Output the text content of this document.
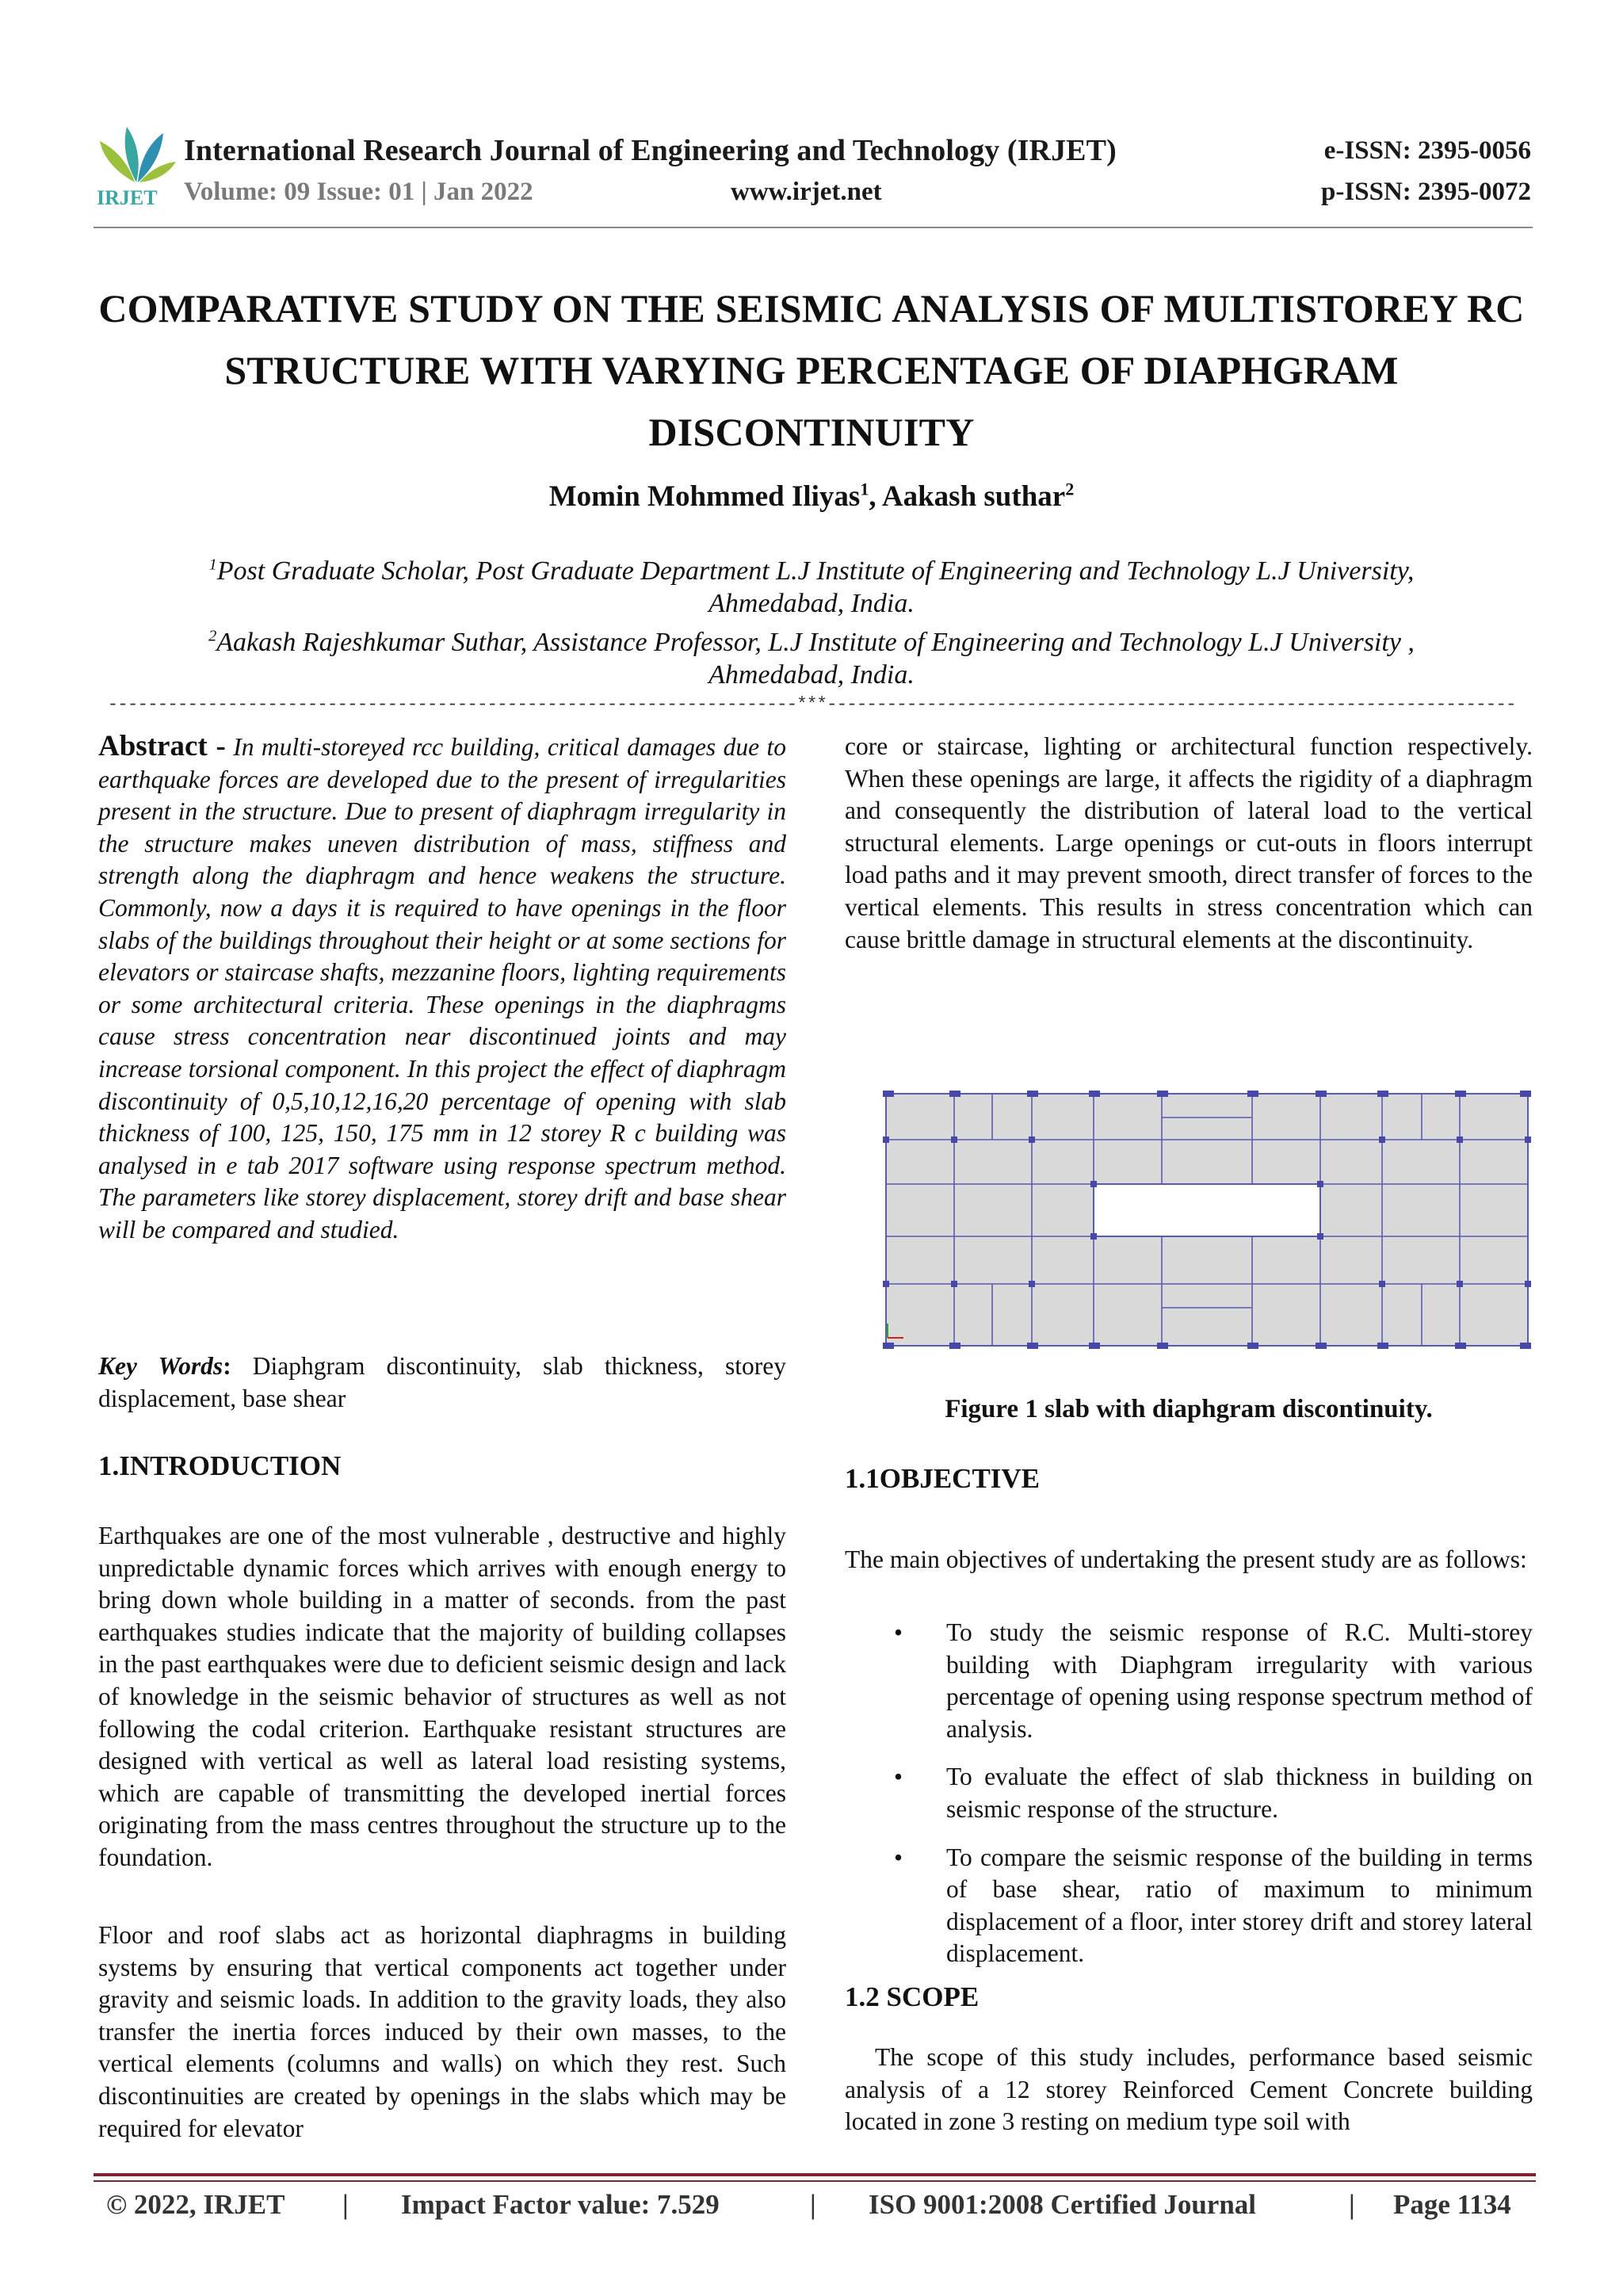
IRJET
International Research Journal of Engineering and Technology (IRJET)
Volume: 09 Issue: 01 | Jan 2022	www.irjet.net
e-ISSN: 2395-0056
p-ISSN: 2395-0072
COMPARATIVE STUDY ON THE SEISMIC ANALYSIS OF MULTISTOREY RC
STRUCTURE WITH VARYING PERCENTAGE OF DIAPHGRAM
DISCONTINUITY
Momin Mohmmed Iliyas$^1$, Aakash suthar$^2$
$^1$Post Graduate Scholar, Post Graduate Department L.J Institute of Engineering and Technology L.J University,
Ahmedabad, India.
$^2$Aakash Rajeshkumar Suthar, Assistance Professor, L.J Institute of Engineering and Technology L.J University ,
Ahmedabad, India.
---------------------------------------------------------------------***---------------------------------------------------------------------

Abstract - In multi-storeyed rcc building, critical damages due to earthquake forces are developed due to the present of irregularities present in the structure. Due to present of diaphragm irregularity in the structure makes uneven distribution of mass, stiffness and strength along the diaphragm and hence weakens the structure. Commonly, now a days it is required to have openings in the floor slabs of the buildings throughout their height or at some sections for elevators or staircase shafts, mezzanine floors, lighting requirements or some architectural criteria. These openings in the diaphragms cause stress concentration near discontinued joints and may increase torsional component. In this project the effect of diaphragm discontinuity of 0,5,10,12,16,20 percentage of opening with slab thickness of 100, 125, 150, 175 mm in 12 storey R c building was analysed in e tab 2017 software using response spectrum method. The parameters like storey displacement, storey drift and base shear will be compared and studied.

Key Words: Diaphgram discontinuity, slab thickness, storey displacement, base shear

1.INTRODUCTION

Earthquakes are one of the most vulnerable , destructive and highly unpredictable dynamic forces which arrives with enough energy to bring down whole building in a matter of seconds. from the past earthquakes studies indicate that the majority of building collapses in the past earthquakes were due to deficient seismic design and lack of knowledge in the seismic behavior of structures as well as not following the codal criterion. Earthquake resistant structures are designed with vertical as well as lateral load resisting systems, which are capable of transmitting the developed inertial forces originating from the mass centres throughout the structure up to the foundation.

Floor and roof slabs act as horizontal diaphragms in building systems by ensuring that vertical components act together under gravity and seismic loads. In addition to the gravity loads, they also transfer the inertia forces induced by their own masses, to the vertical elements (columns and walls) on which they rest. Such discontinuities are created by openings in the slabs which may be required for elevator

core or staircase, lighting or architectural function respectively. When these openings are large, it affects the rigidity of a diaphragm and consequently the distribution of lateral load to the vertical structural elements. Large openings or cut-outs in floors interrupt load paths and it may prevent smooth, direct transfer of forces to the vertical elements. This results in stress concentration which can cause brittle damage in structural elements at the discontinuity.

Figure 1 slab with diaphgram discontinuity.
1.1OBJECTIVE

The main objectives of undertaking the present study are as follows:

• To study the seismic response of R.C. Multi-storey building with Diaphgram irregularity with various percentage of opening using response spectrum method of analysis.
• To evaluate the effect of slab thickness in building on seismic response of the structure.
• To compare the seismic response of the building in terms of base shear, ratio of maximum to minimum displacement of a floor, inter storey drift and storey lateral displacement.
1.2 SCOPE

The scope of this study includes, performance based seismic analysis of a 12 storey Reinforced Cement Concrete building located in zone 3 resting on medium type soil with

© 2022, IRJET | Impact Factor value: 7.529	| ISO 9001:2008 Certified Journal	| Page 1134
